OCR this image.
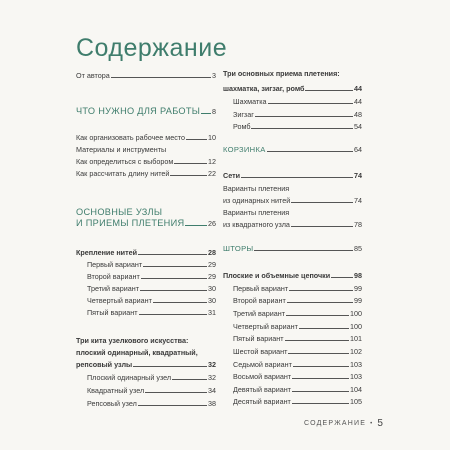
Содержание
От автора	3
ЧТО НУЖНО ДЛЯ РАБОТЫ 8
Как организовать рабочее место	10
Материалы и инструменты
Как определиться с выбором	12
Как рассчитать длину нитей	22
ОСНОВНЫЕ УЗЛЫ
И ПРИЕМЫ ПЛЕТЕНИЯ	26
Крепление нитей	28
Первый вариант	29
Второй вариант	29
Третий вариант	30
Четвертый вариант	30
Пятый вариант	31
Три кита узелкового искусства:
плоский одинарный, квадратный,
репсовый узлы	32
Плоский одинарный узел	32
Квадратный узел	34
Репсовый узел	38
Три основных приема плетения:
шахматка, зигзаг, ромб	44
Шахматка	44
Зигзаг	48
Ромб	54
КОРЗИНКА	64
Сети	74
Варианты плетения
из одинарных нитей	74
Варианты плетения
из квадратного узла	78
ШТОРЫ	85
Плоские и объемные цепочки	98
Первый вариант	99
Второй вариант	99
Третий вариант	100
Четвертый вариант	100
Пятый вариант	101
Шестой вариант	102
Седьмой вариант	103
Восьмой вариант	103
Девятый вариант	104
Десятый вариант	105
СОДЕРЖАНИЕ • 5
